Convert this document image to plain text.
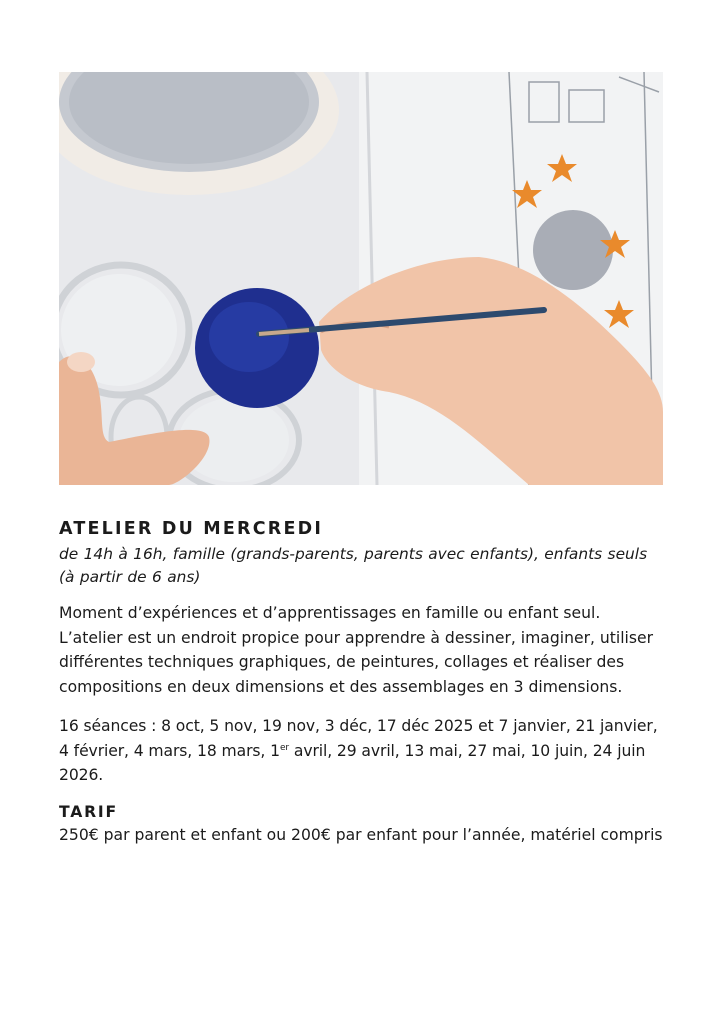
ATELIER DU MERCREDI

de 14h à 16h, famille (grands-parents, parents avec enfants), enfants seuls (à partir de 6 ans)

Moment d’expériences et d’apprentissages en famille ou enfant seul. L’atelier est un endroit propice pour apprendre à dessiner, imaginer, utiliser différentes techniques graphiques, de peintures, collages et réaliser des compositions en deux dimensions et des assemblages en 3 dimensions.

16 séances : 8 oct, 5 nov, 19 nov, 3 déc, 17 déc 2025 et 7 janvier, 21 janvier, 4 février, 4 mars, 18 mars, 1er avril, 29 avril, 13 mai, 27 mai, 10 juin, 24 juin 2026.

TARIF

250€ par parent et enfant ou 200€ par enfant pour l’année, matériel compris
